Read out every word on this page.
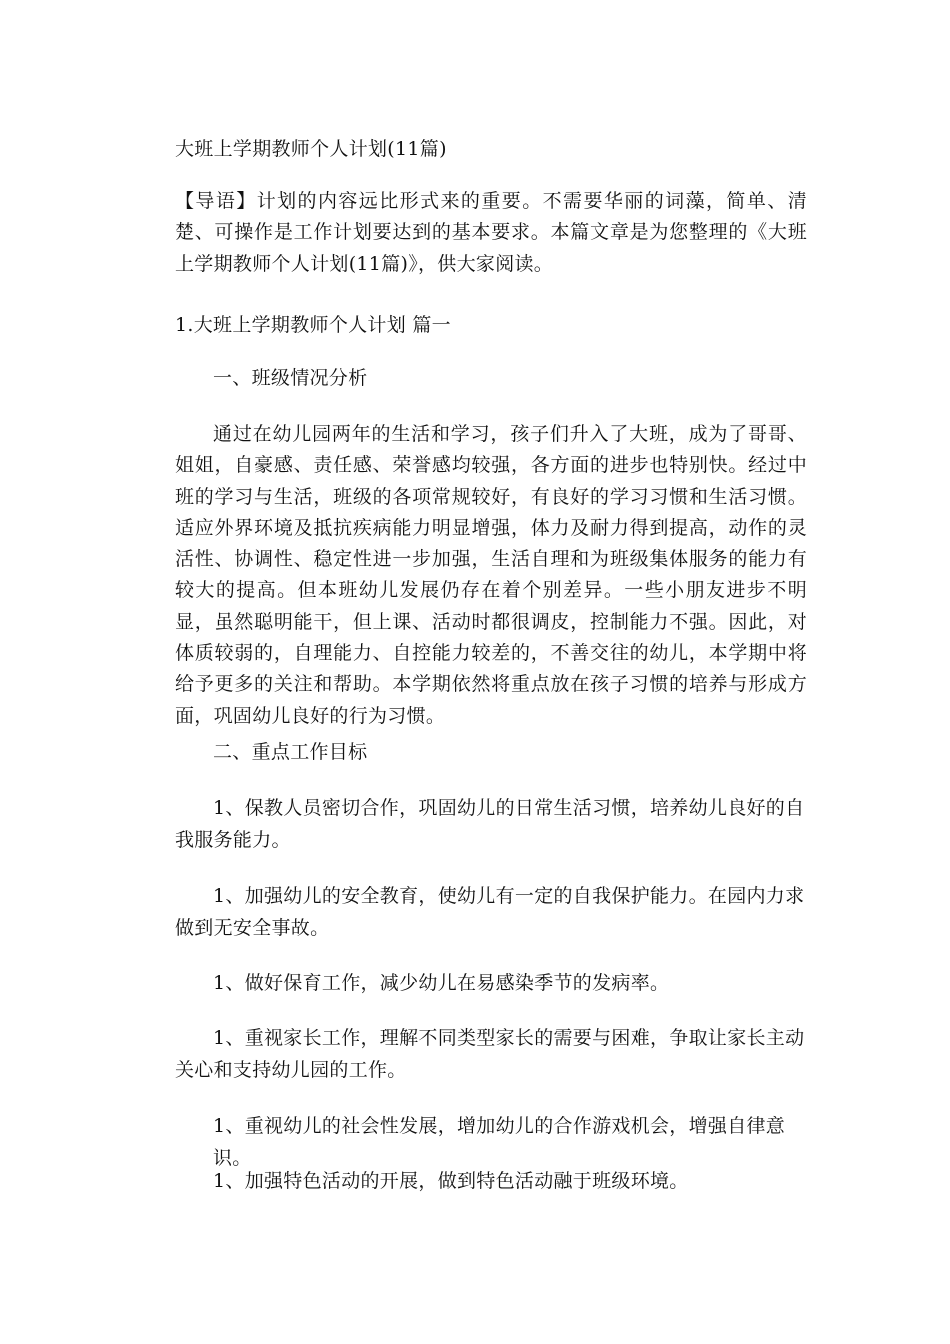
大班上学期教师个人计划(11篇)
【导语】计划的内容远比形式来的重要。不需要华丽的词藻，简单、清楚、可操作是工作计划要达到的基本要求。本篇文章是为您整理的《大班上学期教师个人计划(11篇)》，供大家阅读。
1.大班上学期教师个人计划 篇一
一、班级情况分析
通过在幼儿园两年的生活和学习，孩子们升入了大班，成为了哥哥、姐姐，自豪感、责任感、荣誉感均较强，各方面的进步也特别快。经过中班的学习与生活，班级的各项常规较好，有良好的学习习惯和生活习惯。适应外界环境及抵抗疾病能力明显增强，体力及耐力得到提高，动作的灵活性、协调性、稳定性进一步加强，生活自理和为班级集体服务的能力有较大的提高。但本班幼儿发展仍存在着个别差异。一些小朋友进步不明显，虽然聪明能干，但上课、活动时都很调皮，控制能力不强。因此，对体质较弱的，自理能力、自控能力较差的，不善交往的幼儿，本学期中将给予更多的关注和帮助。本学期依然将重点放在孩子习惯的培养与形成方面，巩固幼儿良好的行为习惯。
二、重点工作目标
1、保教人员密切合作，巩固幼儿的日常生活习惯，培养幼儿良好的自我服务能力。
1、加强幼儿的安全教育，使幼儿有一定的自我保护能力。在园内力求做到无安全事故。
1、做好保育工作，减少幼儿在易感染季节的发病率。
1、重视家长工作，理解不同类型家长的需要与困难，争取让家长主动关心和支持幼儿园的工作。
1、重视幼儿的社会性发展，增加幼儿的合作游戏机会，增强自律意识。
1、加强特色活动的开展，做到特色活动融于班级环境。
